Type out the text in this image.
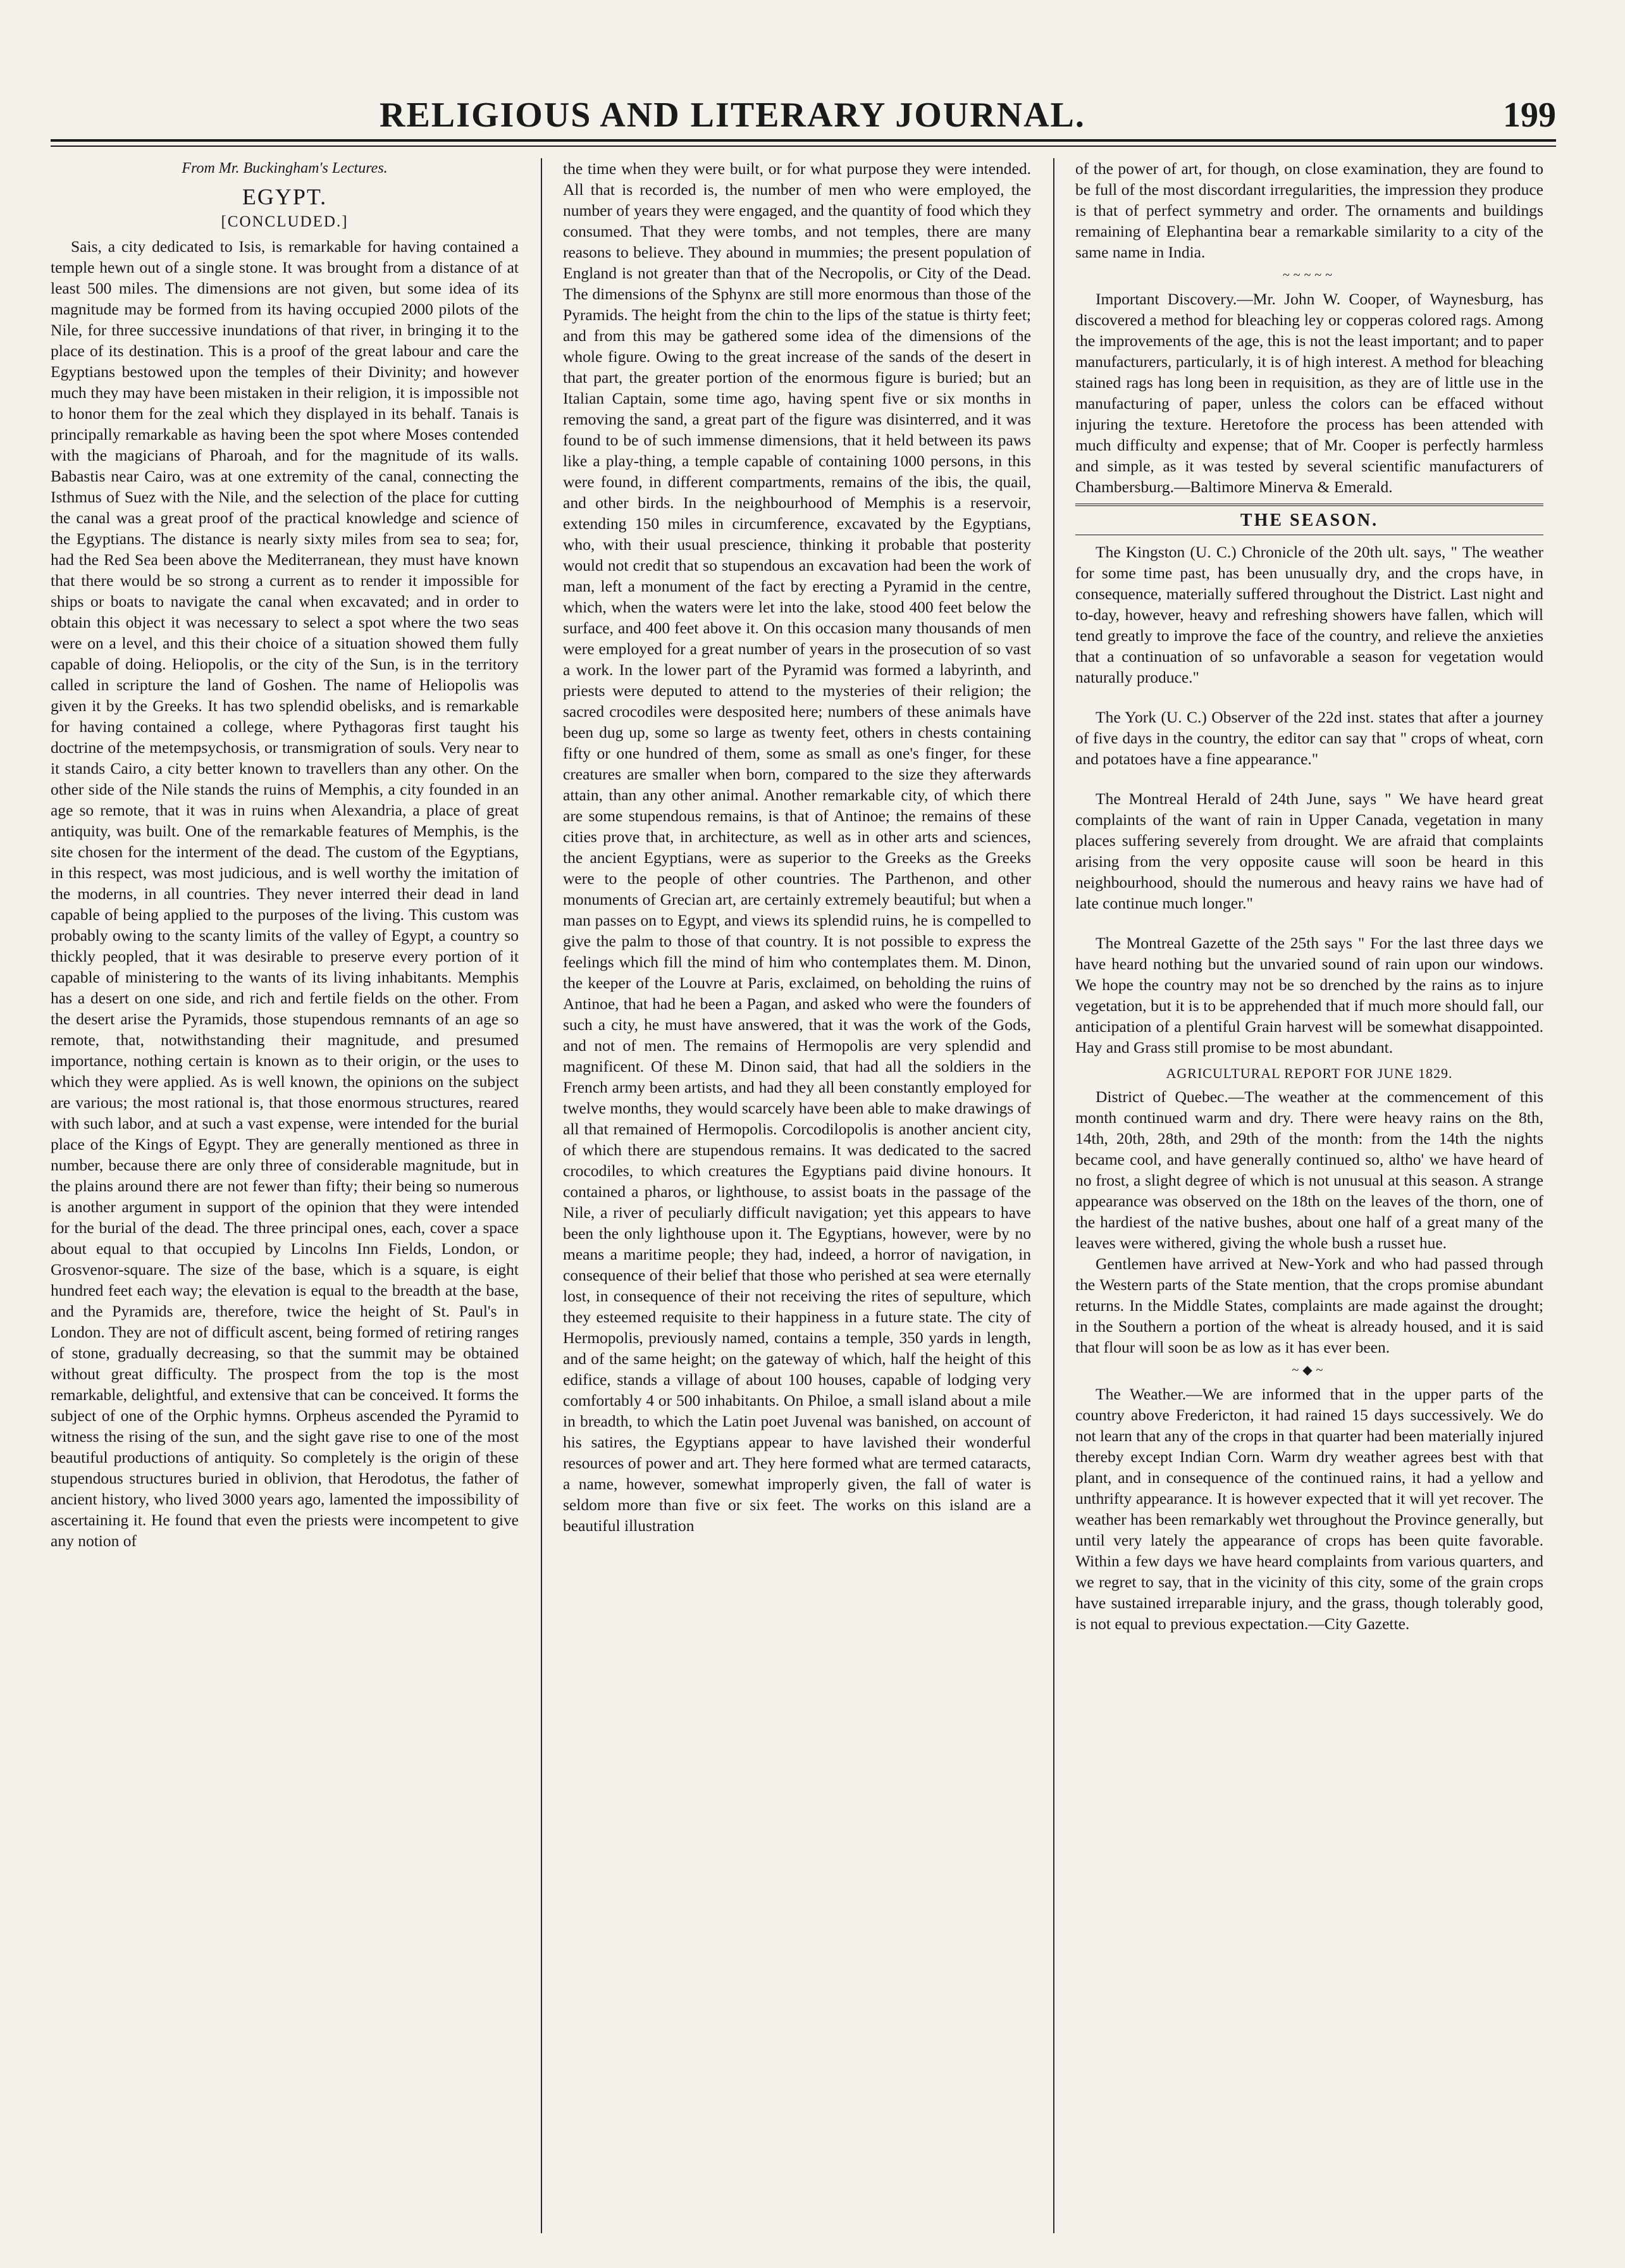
RELIGIOUS AND LITERARY JOURNAL.	199

From Mr. Buckingham's Lectures.

EGYPT.

[CONCLUDED.]

Sais, a city dedicated to Isis, is remarkable for having contained a temple hewn out of a single stone. It was brought from a distance of at least 500 miles. The dimensions are not given, but some idea of its magnitude may be formed from its having occupied 2000 pilots of the Nile, for three successive inundations of that river, in bringing it to the place of its destination. This is a proof of the great labour and care the Egyptians bestowed upon the temples of their Divinity; and however much they may have been mistaken in their religion, it is impossible not to honor them for the zeal which they displayed in its behalf. Tanais is principally remarkable as having been the spot where Moses contended with the magicians of Pharoah, and for the magnitude of its walls. Babastis near Cairo, was at one extremity of the canal, connecting the Isthmus of Suez with the Nile, and the selection of the place for cutting the canal was a great proof of the practical knowledge and science of the Egyptians. The distance is nearly sixty miles from sea to sea; for, had the Red Sea been above the Mediterranean, they must have known that there would be so strong a current as to render it impossible for ships or boats to navigate the canal when excavated; and in order to obtain this object it was necessary to select a spot where the two seas were on a level, and this their choice of a situation showed them fully capable of doing. Heliopolis, or the city of the Sun, is in the territory called in scripture the land of Goshen. The name of Heliopolis was given it by the Greeks. It has two splendid obelisks, and is remarkable for having contained a college, where Pythagoras first taught his doctrine of the metempsychosis, or transmigration of souls. Very near to it stands Cairo, a city better known to travellers than any other. On the other side of the Nile stands the ruins of Memphis, a city founded in an age so remote, that it was in ruins when Alexandria, a place of great antiquity, was built. One of the remarkable features of Memphis, is the site chosen for the interment of the dead. The custom of the Egyptians, in this respect, was most judicious, and is well worthy the imitation of the moderns, in all countries. They never interred their dead in land capable of being applied to the purposes of the living. This custom was probably owing to the scanty limits of the valley of Egypt, a country so thickly peopled, that it was desirable to preserve every portion of it capable of ministering to the wants of its living inhabitants. Memphis has a desert on one side, and rich and fertile fields on the other. From the desert arise the Pyramids, those stupendous remnants of an age so remote, that, notwithstanding their magnitude, and presumed importance, nothing certain is known as to their origin, or the uses to which they were applied. As is well known, the opinions on the subject are various; the most rational is, that those enormous structures, reared with such labor, and at such a vast expense, were intended for the burial place of the Kings of Egypt. They are generally mentioned as three in number, because there are only three of considerable magnitude, but in the plains around there are not fewer than fifty; their being so numerous is another argument in support of the opinion that they were intended for the burial of the dead. The three principal ones, each, cover a space about equal to that occupied by Lincolns Inn Fields, London, or Grosvenor-square. The size of the base, which is a square, is eight hundred feet each way; the elevation is equal to the breadth at the base, and the Pyramids are, therefore, twice the height of St. Paul's in London. They are not of difficult ascent, being formed of retiring ranges of stone, gradually decreasing, so that the summit may be obtained without great difficulty. The prospect from the top is the most remarkable, delightful, and extensive that can be conceived. It forms the subject of one of the Orphic hymns. Orpheus ascended the Pyramid to witness the rising of the sun, and the sight gave rise to one of the most beautiful productions of antiquity. So completely is the origin of these stupendous structures buried in oblivion, that Herodotus, the father of ancient history, who lived 3000 years ago, lamented the impossibility of ascertaining it. He found that even the priests were incompetent to give any notion of

the time when they were built, or for what purpose they were intended. All that is recorded is, the number of men who were employed, the number of years they were engaged, and the quantity of food which they consumed. That they were tombs, and not temples, there are many reasons to believe. They abound in mummies; the present population of England is not greater than that of the Necropolis, or City of the Dead. The dimensions of the Sphynx are still more enormous than those of the Pyramids. The height from the chin to the lips of the statue is thirty feet; and from this may be gathered some idea of the dimensions of the whole figure. Owing to the great increase of the sands of the desert in that part, the greater portion of the enormous figure is buried; but an Italian Captain, some time ago, having spent five or six months in removing the sand, a great part of the figure was disinterred, and it was found to be of such immense dimensions, that it held between its paws like a play-thing, a temple capable of containing 1000 persons, in this were found, in different compartments, remains of the ibis, the quail, and other birds. In the neighbourhood of Memphis is a reservoir, extending 150 miles in circumference, excavated by the Egyptians, who, with their usual prescience, thinking it probable that posterity would not credit that so stupendous an excavation had been the work of man, left a monument of the fact by erecting a Pyramid in the centre, which, when the waters were let into the lake, stood 400 feet below the surface, and 400 feet above it. On this occasion many thousands of men were employed for a great number of years in the prosecution of so vast a work. In the lower part of the Pyramid was formed a labyrinth, and priests were deputed to attend to the mysteries of their religion; the sacred crocodiles were desposited here; numbers of these animals have been dug up, some so large as twenty feet, others in chests containing fifty or one hundred of them, some as small as one's finger, for these creatures are smaller when born, compared to the size they afterwards attain, than any other animal. Another remarkable city, of which there are some stupendous remains, is that of Antinoe; the remains of these cities prove that, in architecture, as well as in other arts and sciences, the ancient Egyptians, were as superior to the Greeks as the Greeks were to the people of other countries. The Parthenon, and other monuments of Grecian art, are certainly extremely beautiful; but when a man passes on to Egypt, and views its splendid ruins, he is compelled to give the palm to those of that country. It is not possible to express the feelings which fill the mind of him who contemplates them. M. Dinon, the keeper of the Louvre at Paris, exclaimed, on beholding the ruins of Antinoe, that had he been a Pagan, and asked who were the founders of such a city, he must have answered, that it was the work of the Gods, and not of men. The remains of Hermopolis are very splendid and magnificent. Of these M. Dinon said, that had all the soldiers in the French army been artists, and had they all been constantly employed for twelve months, they would scarcely have been able to make drawings of all that remained of Hermopolis. Corcodilopolis is another ancient city, of which there are stupendous remains. It was dedicated to the sacred crocodiles, to which creatures the Egyptians paid divine honours. It contained a pharos, or lighthouse, to assist boats in the passage of the Nile, a river of peculiarly difficult navigation; yet this appears to have been the only lighthouse upon it. The Egyptians, however, were by no means a maritime people; they had, indeed, a horror of navigation, in consequence of their belief that those who perished at sea were eternally lost, in consequence of their not receiving the rites of sepulture, which they esteemed requisite to their happiness in a future state. The city of Hermopolis, previously named, contains a temple, 350 yards in length, and of the same height; on the gateway of which, half the height of this edifice, stands a village of about 100 houses, capable of lodging very comfortably 4 or 500 inhabitants. On Philoe, a small island about a mile in breadth, to which the Latin poet Juvenal was banished, on account of his satires, the Egyptians appear to have lavished their wonderful resources of power and art. They here formed what are termed cataracts, a name, however, somewhat improperly given, the fall of water is seldom more than five or six feet. The works on this island are a beautiful illustration

of the power of art, for though, on close examination, they are found to be full of the most discordant irregularities, the impression they produce is that of perfect symmetry and order. The ornaments and buildings remaining of Elephantina bear a remarkable similarity to a city of the same name in India.

~~~~~

Important Discovery.—Mr. John W. Cooper, of Waynesburg, has discovered a method for bleaching ley or copperas colored rags. Among the improvements of the age, this is not the least important; and to paper manufacturers, particularly, it is of high interest. A method for bleaching stained rags has long been in requisition, as they are of little use in the manufacturing of paper, unless the colors can be effaced without injuring the texture. Heretofore the process has been attended with much difficulty and expense; that of Mr. Cooper is perfectly harmless and simple, as it was tested by several scientific manufacturers of Chambersburg.—Baltimore Minerva & Emerald.

THE SEASON.

The Kingston (U. C.) Chronicle of the 20th ult. says, " The weather for some time past, has been unusually dry, and the crops have, in consequence, materially suffered throughout the District. Last night and to-day, however, heavy and refreshing showers have fallen, which will tend greatly to improve the face of the country, and relieve the anxieties that a continuation of so unfavorable a season for vegetation would naturally produce."

The York (U. C.) Observer of the 22d inst. states that after a journey of five days in the country, the editor can say that " crops of wheat, corn and potatoes have a fine appearance."

The Montreal Herald of 24th June, says " We have heard great complaints of the want of rain in Upper Canada, vegetation in many places suffering severely from drought. We are afraid that complaints arising from the very opposite cause will soon be heard in this neighbourhood, should the numerous and heavy rains we have had of late continue much longer."

The Montreal Gazette of the 25th says " For the last three days we have heard nothing but the unvaried sound of rain upon our windows. We hope the country may not be so drenched by the rains as to injure vegetation, but it is to be apprehended that if much more should fall, our anticipation of a plentiful Grain harvest will be somewhat disappointed. Hay and Grass still promise to be most abundant.

AGRICULTURAL REPORT FOR JUNE 1829.

District of Quebec.—The weather at the commencement of this month continued warm and dry. There were heavy rains on the 8th, 14th, 20th, 28th, and 29th of the month: from the 14th the nights became cool, and have generally continued so, altho' we have heard of no frost, a slight degree of which is not unusual at this season. A strange appearance was observed on the 18th on the leaves of the thorn, one of the hardiest of the native bushes, about one half of a great many of the leaves were withered, giving the whole bush a russet hue.

Gentlemen have arrived at New-York and who had passed through the Western parts of the State mention, that the crops promise abundant returns. In the Middle States, complaints are made against the drought; in the Southern a portion of the wheat is already housed, and it is said that flour will soon be as low as it has ever been.

~◆~

The Weather.—We are informed that in the upper parts of the country above Fredericton, it had rained 15 days successively. We do not learn that any of the crops in that quarter had been materially injured thereby except Indian Corn. Warm dry weather agrees best with that plant, and in consequence of the continued rains, it had a yellow and unthrifty appearance. It is however expected that it will yet recover. The weather has been remarkably wet throughout the Province generally, but until very lately the appearance of crops has been quite favorable. Within a few days we have heard complaints from various quarters, and we regret to say, that in the vicinity of this city, some of the grain crops have sustained irreparable injury, and the grass, though tolerably good, is not equal to previous expectation.—City Gazette.
